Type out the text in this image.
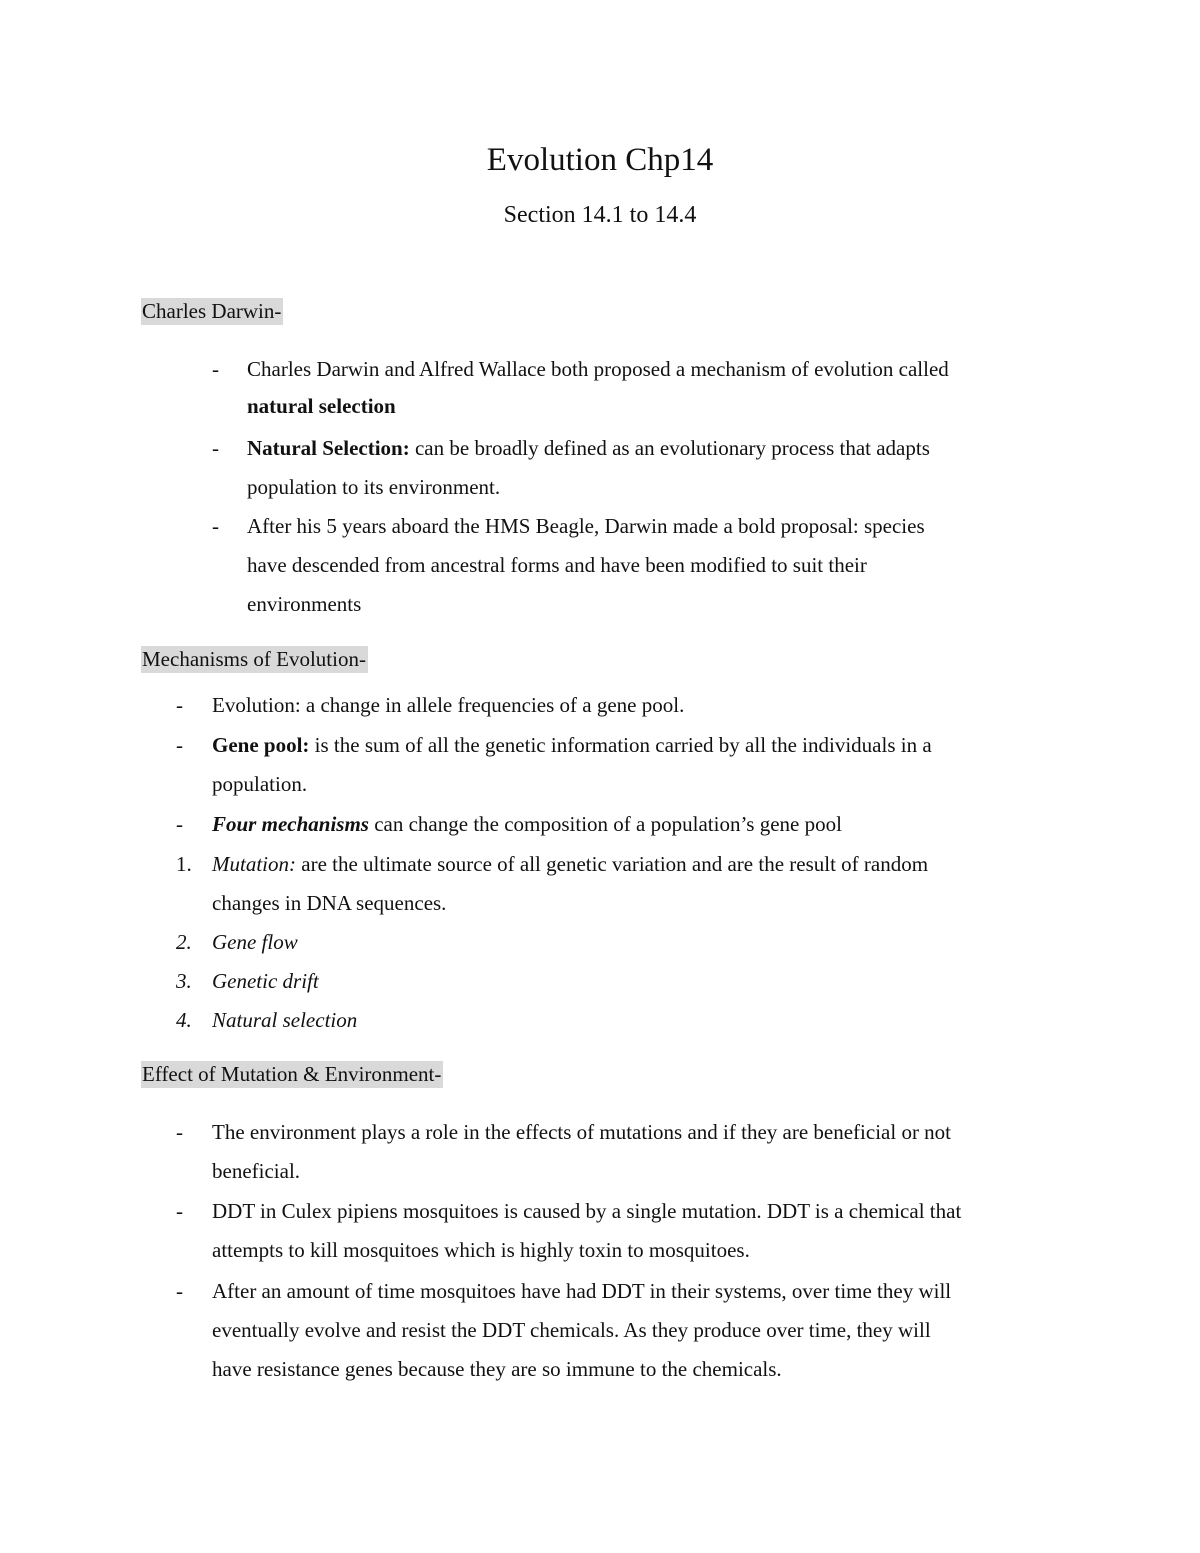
Evolution Chp14
Section 14.1 to 14.4
Charles Darwin-
- Charles Darwin and Alfred Wallace both proposed a mechanism of evolution called
natural selection
- Natural Selection: can be broadly defined as an evolutionary process that adapts
population to its environment.
- After his 5 years aboard the HMS Beagle, Darwin made a bold proposal: species
have descended from ancestral forms and have been modified to suit their
environments
Mechanisms of Evolution-
- Evolution: a change in allele frequencies of a gene pool.
- Gene pool: is the sum of all the genetic information carried by all the individuals in a
population.
- Four mechanisms can change the composition of a population’s gene pool
1. Mutation: are the ultimate source of all genetic variation and are the result of random
changes in DNA sequences.
2. Gene flow
3. Genetic drift
4. Natural selection
Effect of Mutation & Environment-
- The environment plays a role in the effects of mutations and if they are beneficial or not
beneficial.
- DDT in Culex pipiens mosquitoes is caused by a single mutation. DDT is a chemical that
attempts to kill mosquitoes which is highly toxin to mosquitoes.
- After an amount of time mosquitoes have had DDT in their systems, over time they will
eventually evolve and resist the DDT chemicals. As they produce over time, they will
have resistance genes because they are so immune to the chemicals.
